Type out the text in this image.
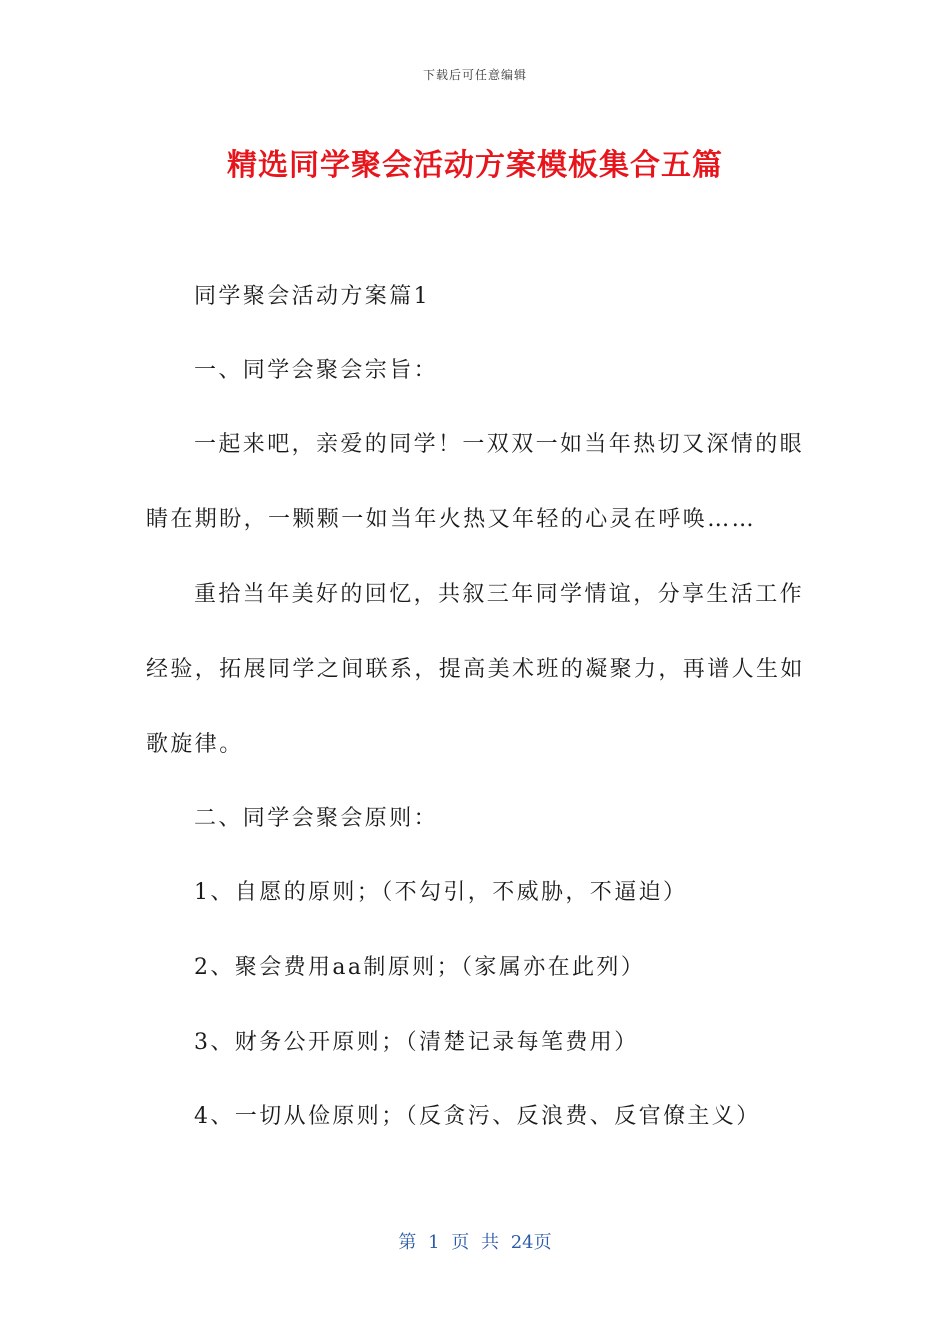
下载后可任意编辑
精选同学聚会活动方案模板集合五篇
同学聚会活动方案篇1
一、同学会聚会宗旨：
一起来吧，亲爱的同学！一双双一如当年热切又深情的眼
睛在期盼，一颗颗一如当年火热又年轻的心灵在呼唤……
重拾当年美好的回忆，共叙三年同学情谊，分享生活工作
经验，拓展同学之间联系，提高美术班的凝聚力，再谱人生如
歌旋律。
二、同学会聚会原则：
1、自愿的原则；（不勾引，不威胁，不逼迫）
2、聚会费用aa制原则；（家属亦在此列）
3、财务公开原则；（清楚记录每笔费用）
4、一切从俭原则；（反贪污、反浪费、反官僚主义）
第 1 页 共 24页
